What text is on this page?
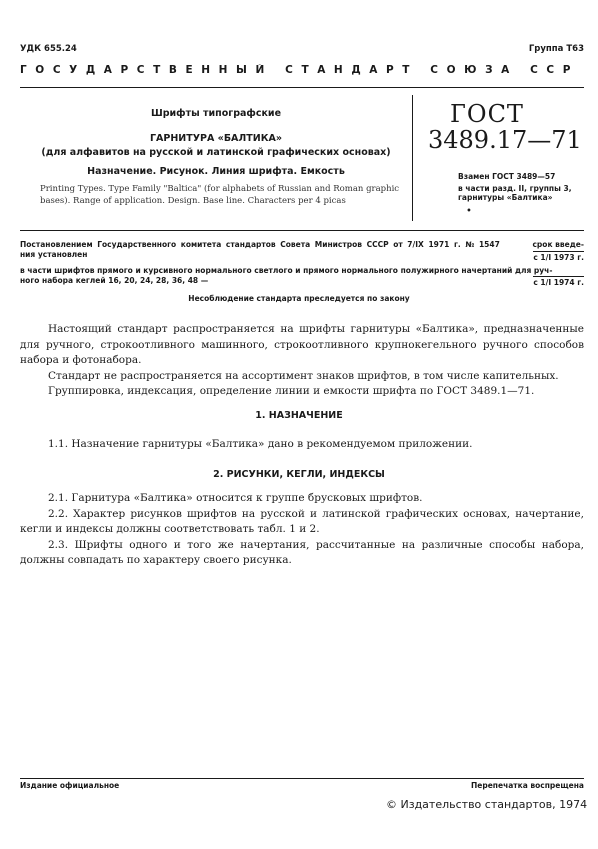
УДК 655.24	Группа Т63
ГОСУДАРСТВЕННЫЙ СТАНДАРТ СОЮЗА ССР
Шрифты типографские
ГАРНИТУРА «БАЛТИКА»
(для алфавитов на русской и латинской графических основах)
Назначение. Рисунок. Линия шрифта. Емкость
Printing Types. Type Family "Baltica" (for alphabets of Russian and Roman graphic
bases). Range of application. Design. Base line. Characters per 4 picas
ГОСТ
3489.17—71
Взамен ГОСТ 3489—57
в части разд. II, группы 3,
гарнитуры «Балтика»
•
Постановлением Государственного комитета стандартов Совета Министров СССР от 7/IX 1971 г. № 1547	срок введе-
ния установлен	с 1/I 1973 г.
в части шрифтов прямого и курсивного нормального светлого и прямого нормального полужирного начертаний для руч-
ного набора кеглей 16, 20, 24, 28, 36, 48 —	с 1/I 1974 г.
Несоблюдение стандарта преследуется по закону
Настоящий стандарт распространяется на шрифты гарнитуры «Балтика», предназначенные для ручного, строкоотливного машинного, строкоотливного крупнокегельного ручного способов набора и фотонабора.
Стандарт не распространяется на ассортимент знаков шрифтов, в том числе капительных.
Группировка, индексация, определение линии и емкости шрифта по ГОСТ 3489.1—71.
1. НАЗНАЧЕНИЕ
1.1. Назначение гарнитуры «Балтика» дано в рекомендуемом приложении.
2. РИСУНКИ, КЕГЛИ, ИНДЕКСЫ
2.1. Гарнитура «Балтика» относится к группе брусковых шрифтов.
2.2. Характер рисунков шрифтов на русской и латинской графических основах, начертание, кегли и индексы должны соответствовать табл. 1 и 2.
2.3. Шрифты одного и того же начертания, рассчитанные на различные способы набора, должны совпадать по характеру своего рисунка.
Издание официальное	Перепечатка воспрещена
© Издательство стандартов, 1974
